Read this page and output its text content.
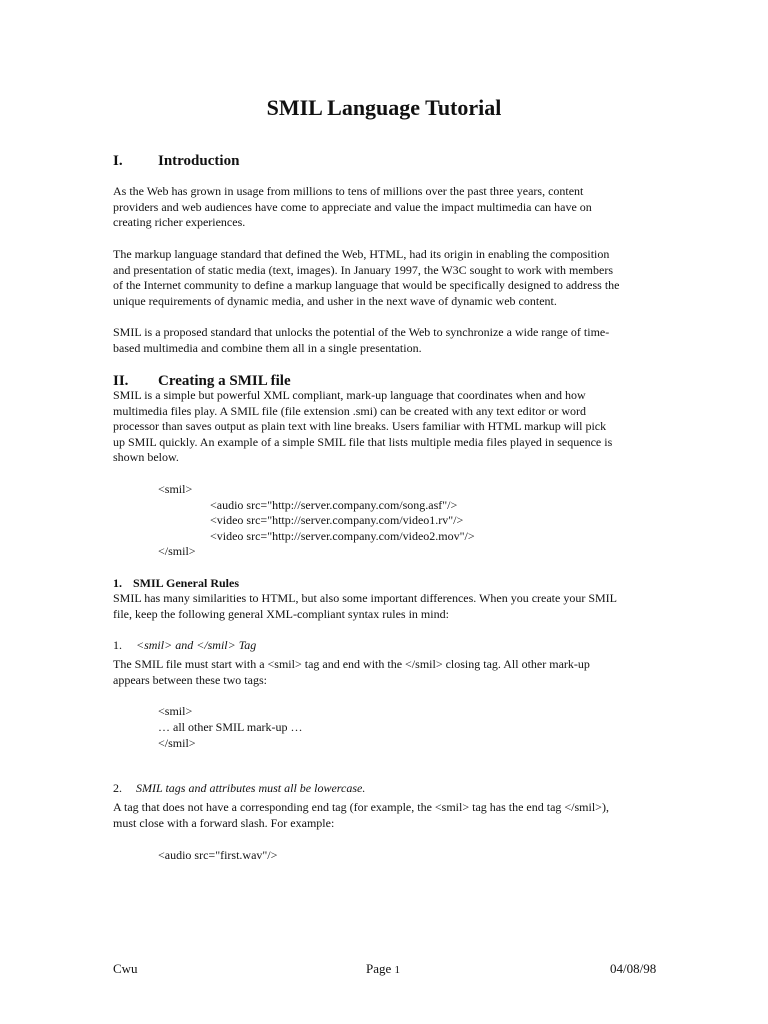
SMIL Language Tutorial
I. Introduction
As the Web has grown in usage from millions to tens of millions over the past three years, content
providers and web audiences have come to appreciate and value the impact multimedia can have on
creating richer experiences.
The markup language standard that defined the Web, HTML, had its origin in enabling the composition
and presentation of static media (text, images). In January 1997, the W3C sought to work with members
of the Internet community to define a markup language that would be specifically designed to address the
unique requirements of dynamic media, and usher in the next wave of dynamic web content.
SMIL is a proposed standard that unlocks the potential of the Web to synchronize a wide range of time-
based multimedia and combine them all in a single presentation.
II. Creating a SMIL file
SMIL is a simple but powerful XML compliant, mark-up language that coordinates when and how
multimedia files play. A SMIL file (file extension .smi) can be created with any text editor or word
processor than saves output as plain text with line breaks. Users familiar with HTML markup will pick
up SMIL quickly. An example of a simple SMIL file that lists multiple media files played in sequence is
shown below.
<smil>
<audio src="http://server.company.com/song.asf"/>
<video src="http://server.company.com/video1.rv"/>
<video src="http://server.company.com/video2.mov"/>
</smil>
1. SMIL General Rules
SMIL has many similarities to HTML, but also some important differences. When you create your SMIL
file, keep the following general XML-compliant syntax rules in mind:
1. <smil> and </smil> Tag
The SMIL file must start with a <smil> tag and end with the </smil> closing tag. All other mark-up
appears between these two tags:
<smil>
… all other SMIL mark-up …
</smil>
2. SMIL tags and attributes must all be lowercase.
A tag that does not have a corresponding end tag (for example, the <smil> tag has the end tag </smil>),
must close with a forward slash. For example:
<audio src="first.wav"/>
Cwu	Page 1	04/08/98
